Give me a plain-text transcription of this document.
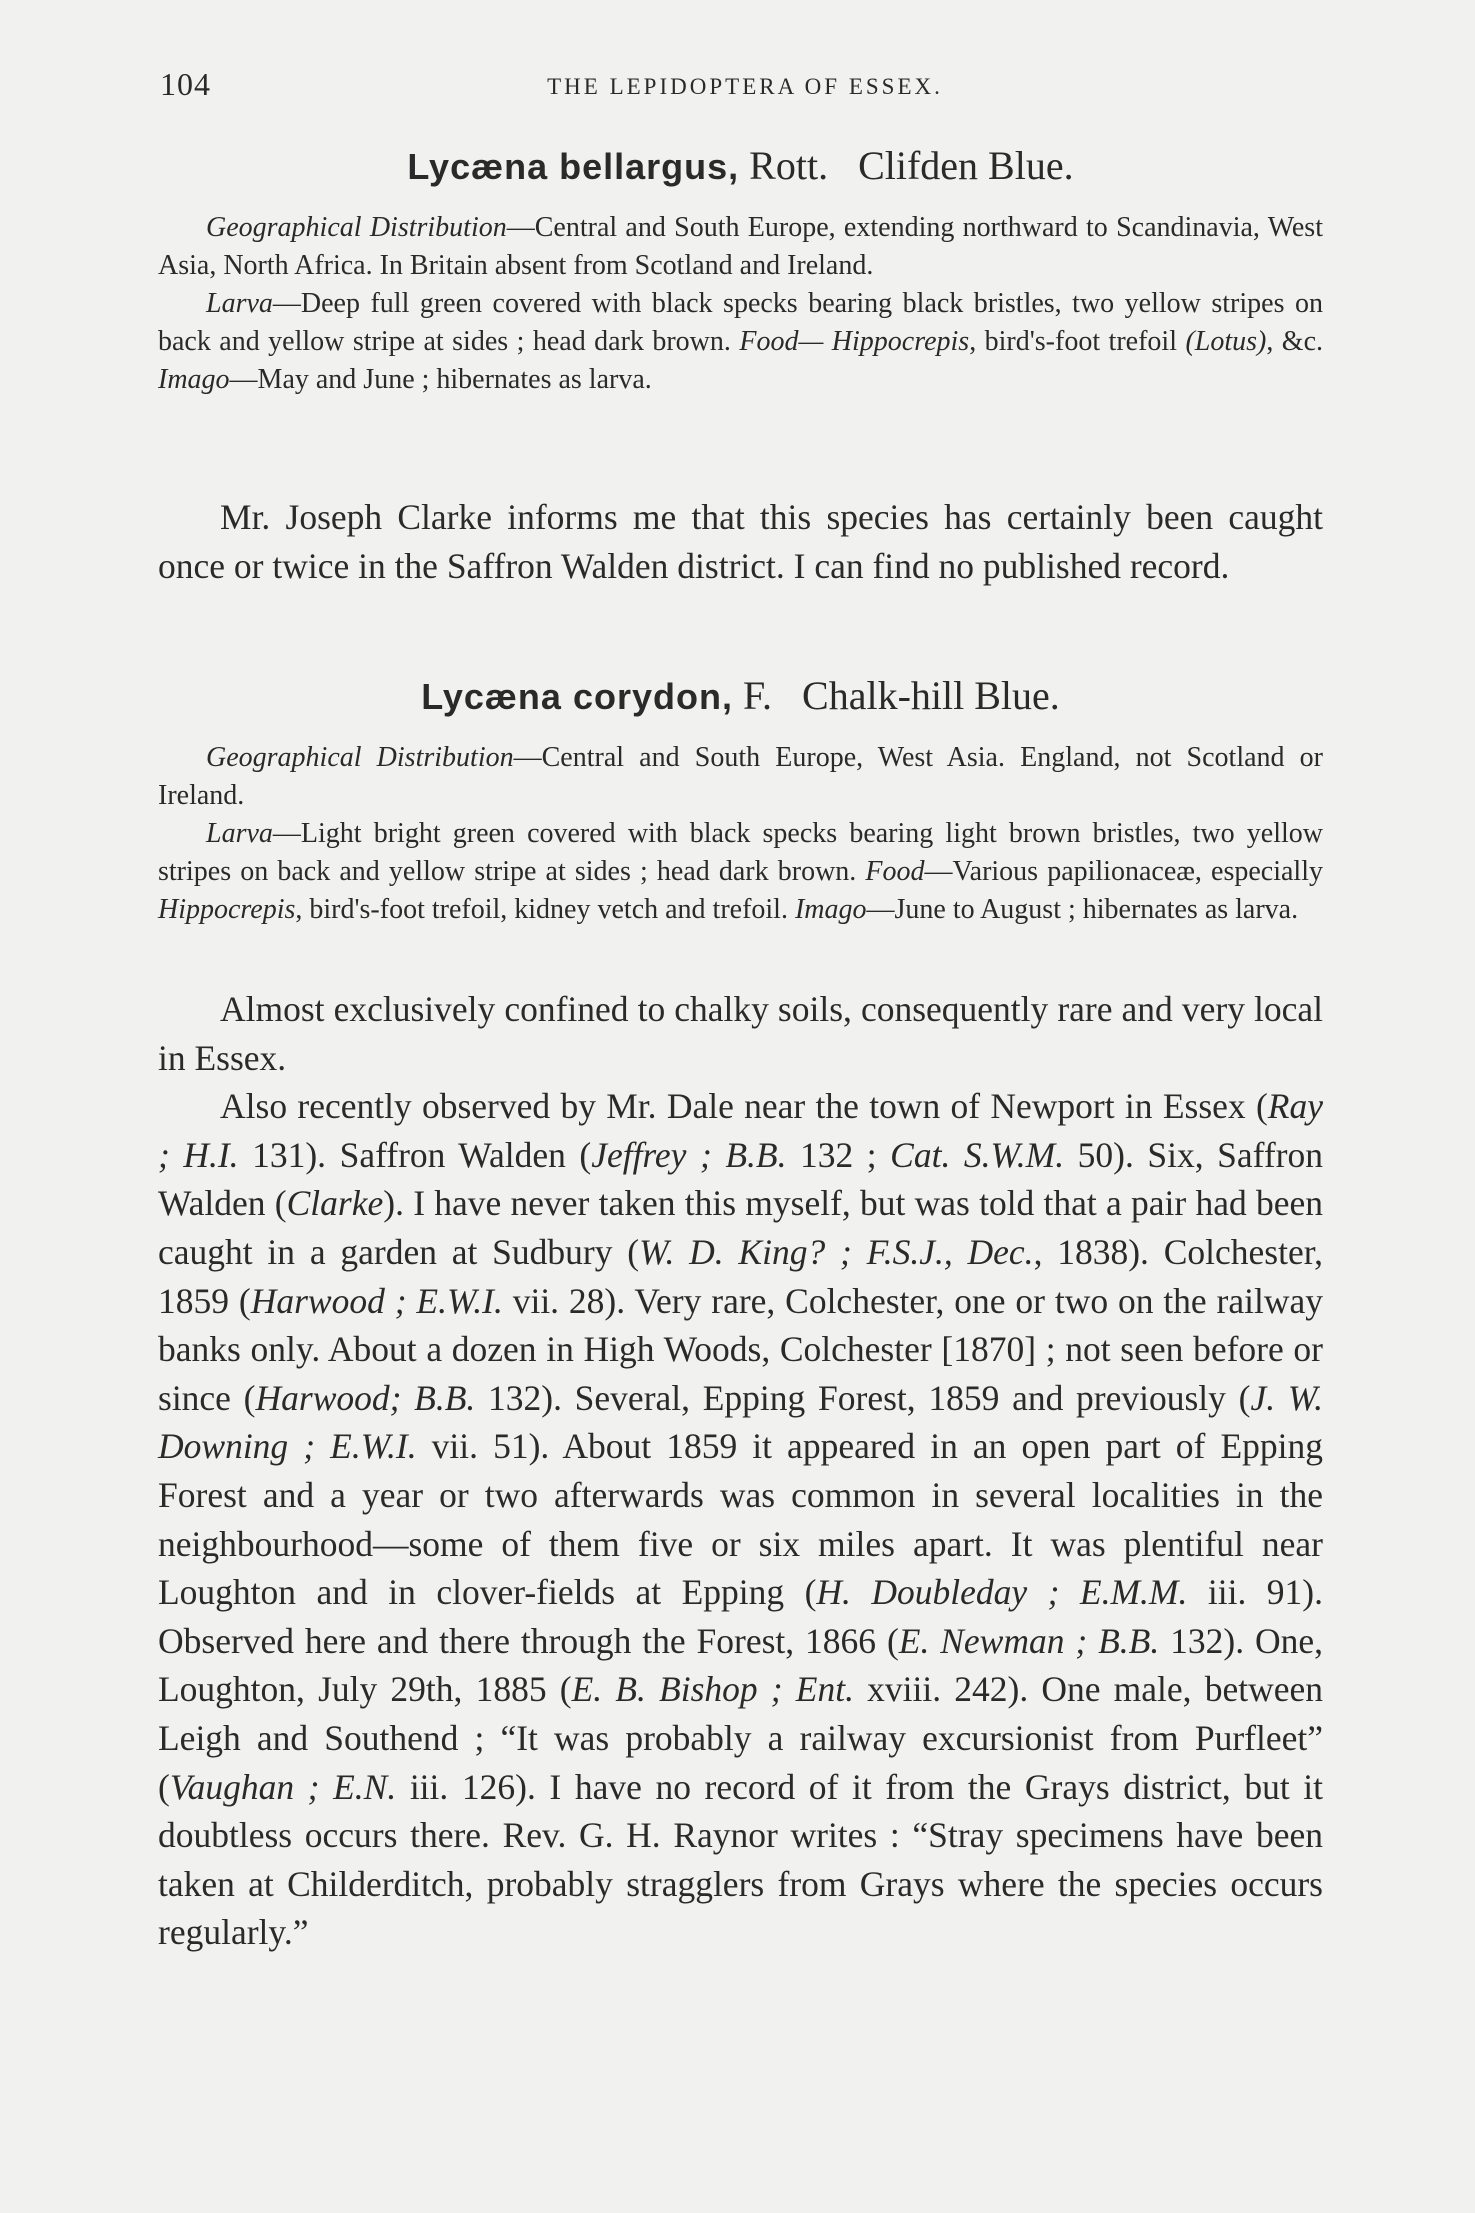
104	THE LEPIDOPTERA OF ESSEX.
Lycæna bellargus, Rott. Clifden Blue.

Geographical Distribution—Central and South Europe, extending northward to Scandinavia, West Asia, North Africa. In Britain absent from Scotland and Ireland.

Larva—Deep full green covered with black specks bearing black bristles, two yellow stripes on back and yellow stripe at sides ; head dark brown. Food— Hippocrepis, bird's-foot trefoil (Lotus), &c. Imago—May and June ; hibernates as larva.

Mr. Joseph Clarke informs me that this species has certainly been caught once or twice in the Saffron Walden district. I can find no published record.

Lycæna corydon, F. Chalk-hill Blue.

Geographical Distribution—Central and South Europe, West Asia. England, not Scotland or Ireland.

Larva—Light bright green covered with black specks bearing light brown bristles, two yellow stripes on back and yellow stripe at sides ; head dark brown. Food—Various papilionaceæ, especially Hippocrepis, bird's-foot trefoil, kidney vetch and trefoil. Imago—June to August ; hibernates as larva.

Almost exclusively confined to chalky soils, consequently rare and very local in Essex.

Also recently observed by Mr. Dale near the town of Newport in Essex (Ray ; H.I. 131). Saffron Walden (Jeffrey ; B.B. 132 ; Cat. S.W.M. 50). Six, Saffron Walden (Clarke). I have never taken this myself, but was told that a pair had been caught in a garden at Sudbury (W. D. King? ; F.S.J., Dec., 1838). Colchester, 1859 (Harwood ; E.W.I. vii. 28). Very rare, Colchester, one or two on the railway banks only. About a dozen in High Woods, Colchester [1870] ; not seen before or since (Harwood; B.B. 132). Several, Epping Forest, 1859 and previously (J. W. Downing ; E.W.I. vii. 51). About 1859 it appeared in an open part of Epping Forest and a year or two afterwards was common in several localities in the neighbourhood—some of them five or six miles apart. It was plentiful near Loughton and in clover-fields at Epping (H. Doubleday ; E.M.M. iii. 91). Observed here and there through the Forest, 1866 (E. Newman ; B.B. 132). One, Loughton, July 29th, 1885 (E. B. Bishop ; Ent. xviii. 242). One male, between Leigh and Southend ; “It was probably a railway excursionist from Purfleet” (Vaughan ; E.N. iii. 126). I have no record of it from the Grays district, but it doubtless occurs there. Rev. G. H. Raynor writes : “Stray specimens have been taken at Childerditch, probably stragglers from Grays where the species occurs regularly.”
